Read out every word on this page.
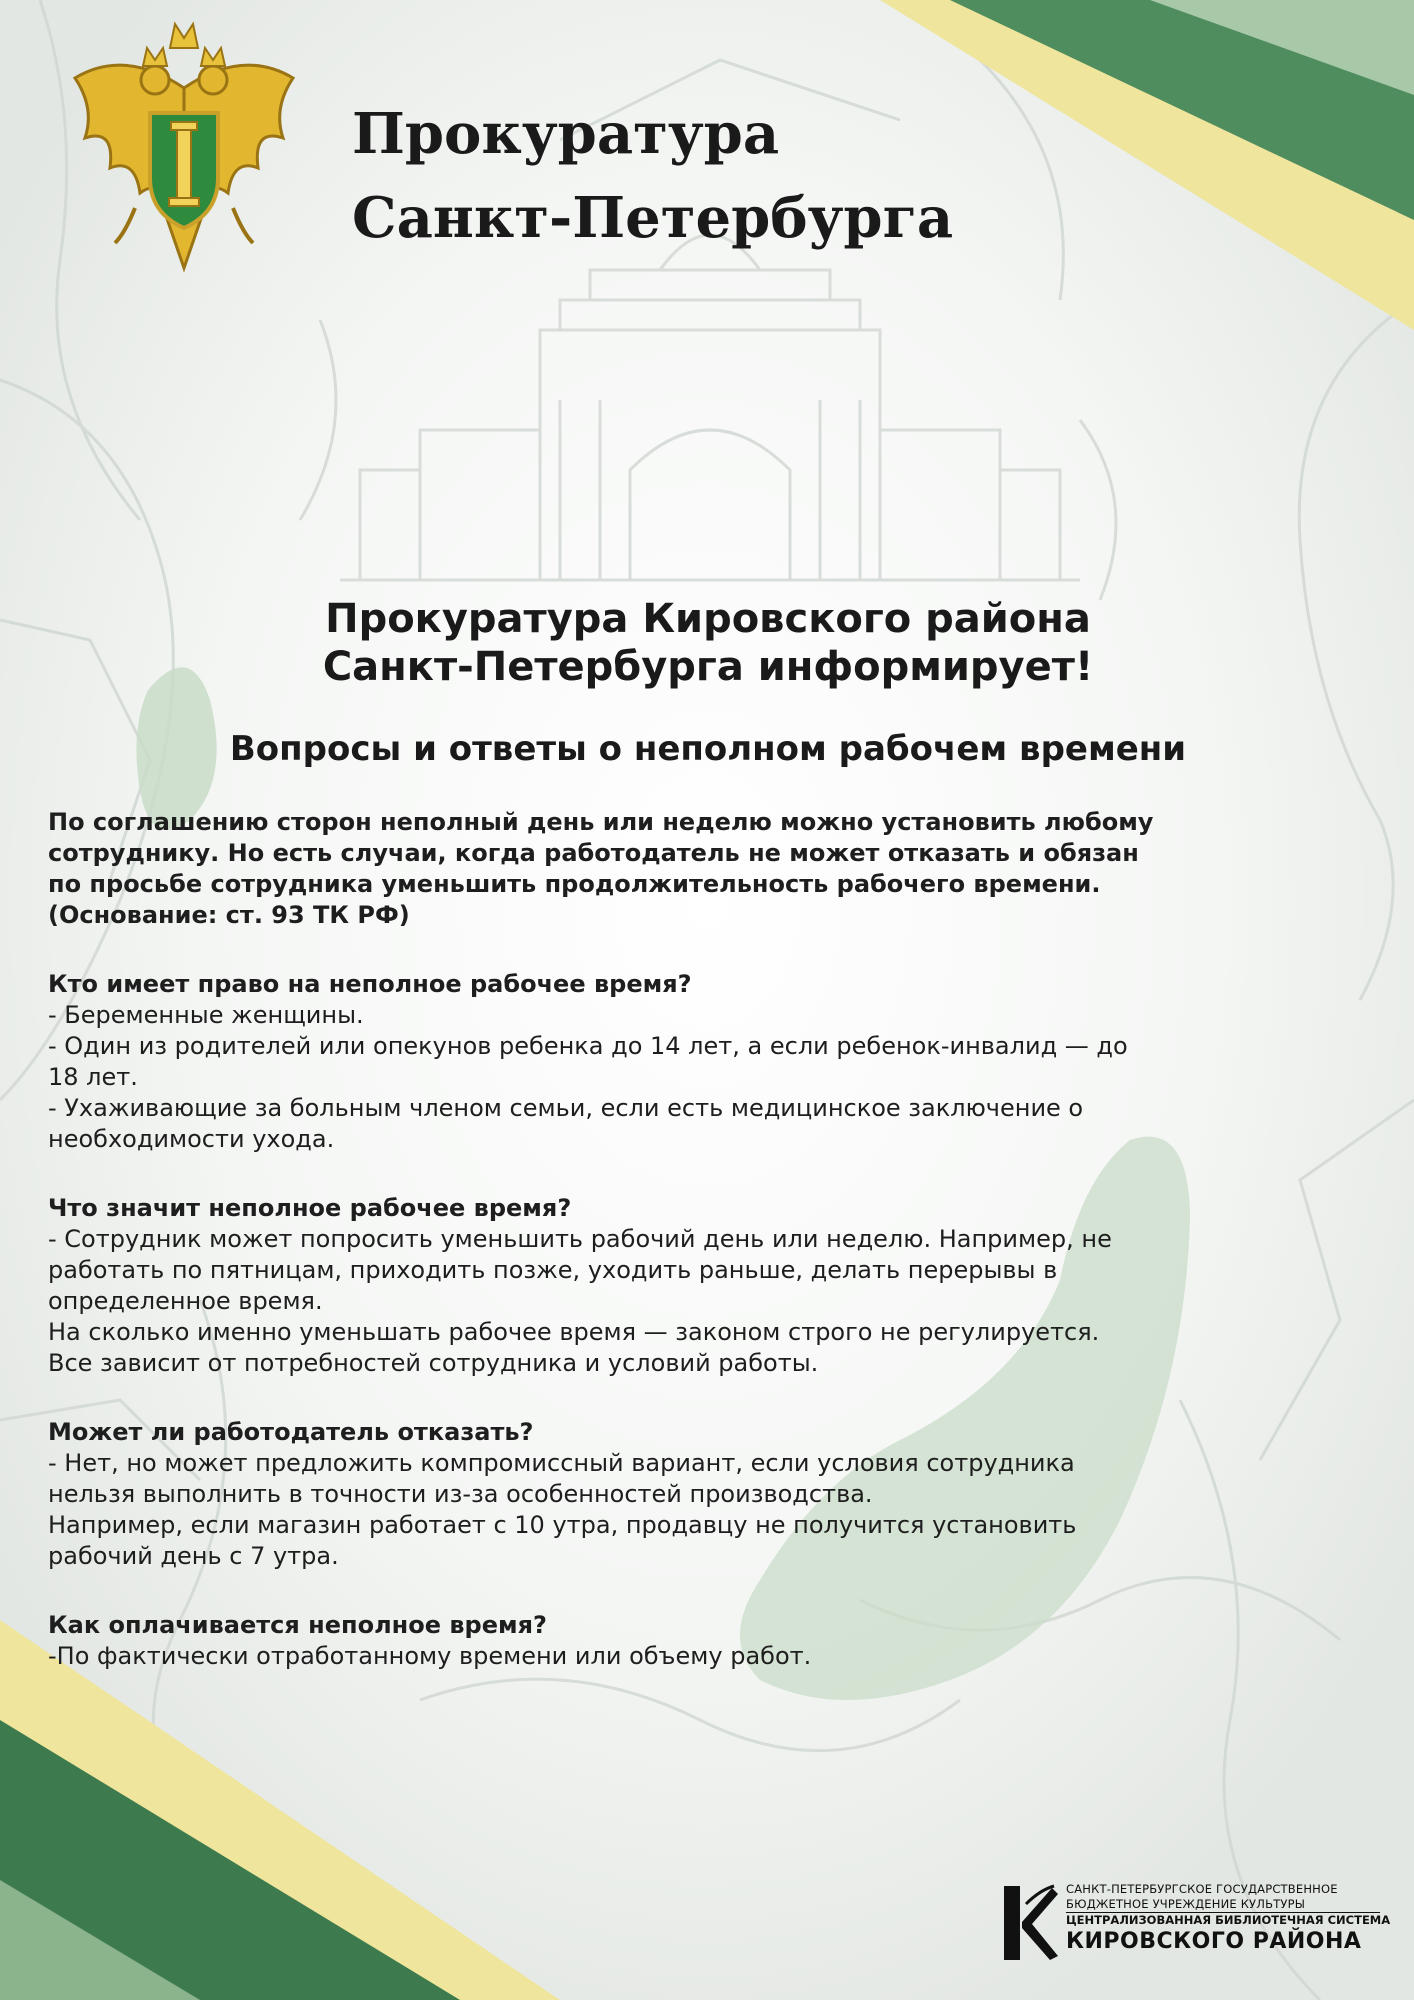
Прокуратура
Санкт-Петербурга
Прокуратура Кировского района
Санкт-Петербурга информирует!
Вопросы и ответы о неполном рабочем времени

По соглашению сторон неполный день или неделю можно установить любому
сотруднику. Но есть случаи, когда работодатель не может отказать и обязан
по просьбе сотрудника уменьшить продолжительность рабочего времени.
(Основание: ст. 93 ТК РФ)

Кто имеет право на неполное рабочее время?
- Беременные женщины.
- Один из родителей или опекунов ребенка до 14 лет, а если ребенок-инвалид — до
18 лет.
- Ухаживающие за больным членом семьи, если есть медицинское заключение о
необходимости ухода.
Что значит неполное рабочее время?
- Сотрудник может попросить уменьшить рабочий день или неделю. Например, не
работать по пятницам, приходить позже, уходить раньше, делать перерывы в
определенное время.
На сколько именно уменьшать рабочее время — законом строго не регулируется.
Все зависит от потребностей сотрудника и условий работы.
Может ли работодатель отказать?
- Нет, но может предложить компромиссный вариант, если условия сотрудника
нельзя выполнить в точности из-за особенностей производства.
Например, если магазин работает с 10 утра, продавцу не получится установить
рабочий день с 7 утра.
Как оплачивается неполное время?
-По фактически отработанному времени или объему работ.
САНКТ-ПЕТЕРБУРГСКОЕ ГОСУДАРСТВЕННОЕ
БЮДЖЕТНОЕ УЧРЕЖДЕНИЕ КУЛЬТУРЫ
ЦЕНТРАЛИЗОВАННАЯ БИБЛИОТЕЧНАЯ СИСТЕМА
КИРОВСКОГО РАЙОНА
